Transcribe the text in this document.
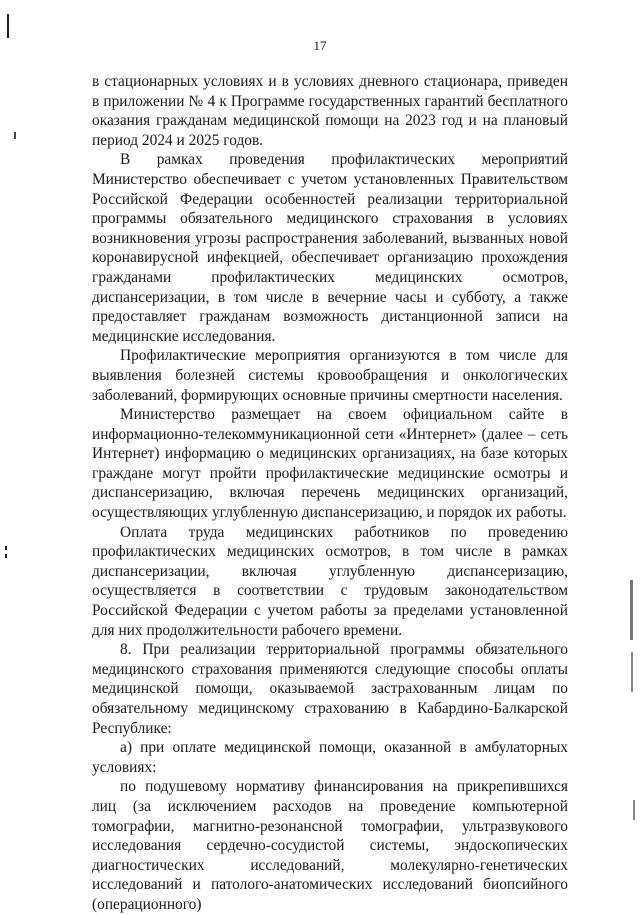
17

в стационарных условиях и в условиях дневного стационара, приведен в приложении № 4 к Программе государственных гарантий бесплатного оказания гражданам медицинской помощи на 2023 год и на плановый период 2024 и 2025 годов.

В рамках проведения профилактических мероприятий Министерство обеспечивает с учетом установленных Правительством Российской Федерации особенностей реализации территориальной программы обязательного медицинского страхования в условиях возникновения угрозы распространения заболеваний, вызванных новой коронавирусной инфекцией, обеспечивает организацию прохождения гражданами профилактических медицинских осмотров, диспансеризации, в том числе в вечерние часы и субботу, а также предоставляет гражданам возможность дистанционной записи на медицинские исследования.

Профилактические мероприятия организуются в том числе для выявления болезней системы кровообращения и онкологических заболеваний, формирующих основные причины смертности населения.

Министерство размещает на своем официальном сайте в информационно-телекоммуникационной сети «Интернет» (далее – сеть Интернет) информацию о медицинских организациях, на базе которых граждане могут пройти профилактические медицинские осмотры и диспансеризацию, включая перечень медицинских организаций, осуществляющих углубленную диспансеризацию, и порядок их работы.

Оплата труда медицинских работников по проведению профилактических медицинских осмотров, в том числе в рамках диспансеризации, включая углубленную диспансеризацию, осуществляется в соответствии с трудовым законодательством Российской Федерации с учетом работы за пределами установленной для них продолжительности рабочего времени.

8. При реализации территориальной программы обязательного медицинского страхования применяются следующие способы оплаты медицинской помощи, оказываемой застрахованным лицам по обязательному медицинскому страхованию в Кабардино-Балкарской Республике:

а) при оплате медицинской помощи, оказанной в амбулаторных условиях:

по подушевому нормативу финансирования на прикрепившихся лиц (за исключением расходов на проведение компьютерной томографии, магнитно-резонансной томографии, ультразвукового исследования сердечно-сосудистой системы, эндоскопических диагностических исследований, молекулярно-генетических исследований и патолого-анатомических исследований биопсийного (операционного)
